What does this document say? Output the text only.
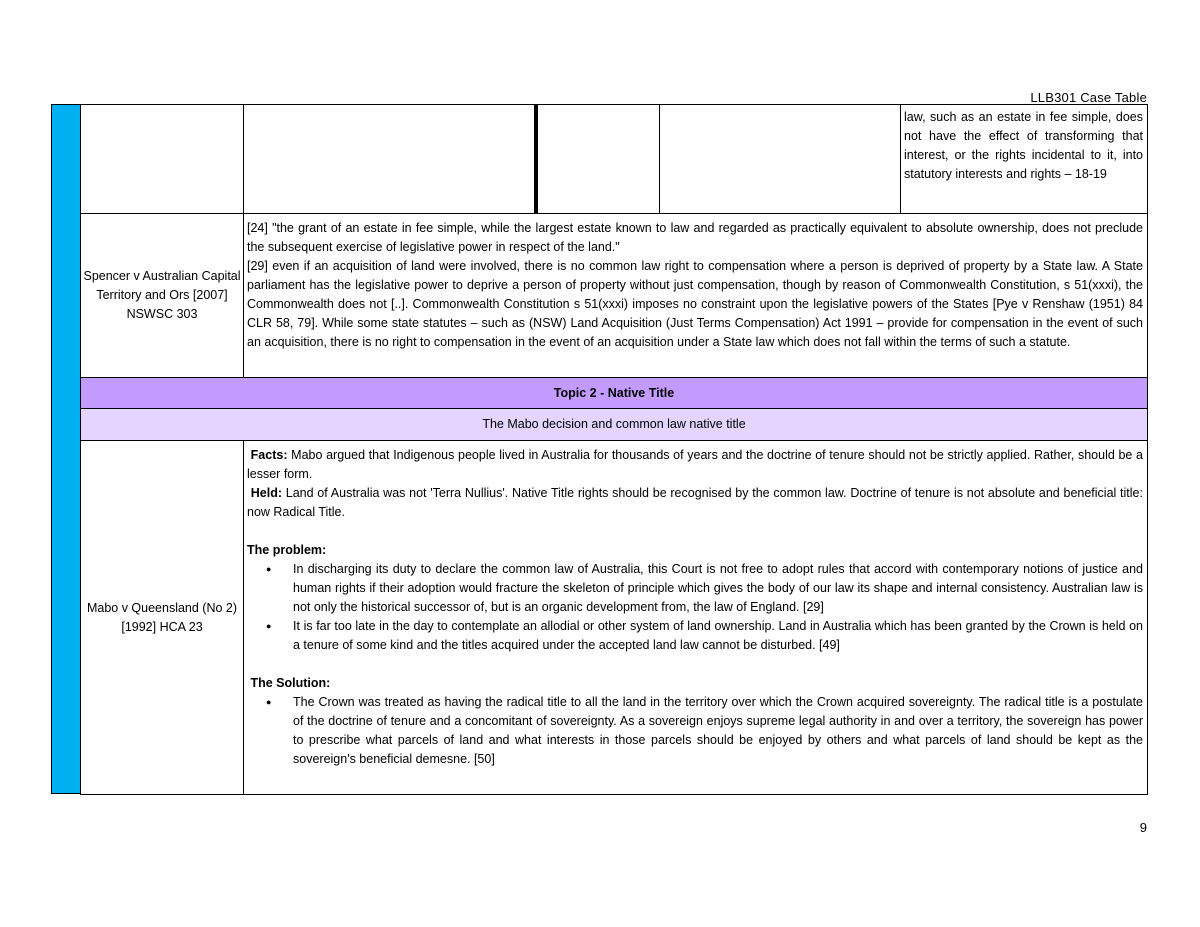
LLB301 Case Table
law, such as an estate in fee simple, does not have the effect of transforming that interest, or the rights incidental to it, into statutory interests and rights – 18-19
Spencer v Australian Capital Territory and Ors [2007] NSWSC 303

[24] "the grant of an estate in fee simple, while the largest estate known to law and regarded as practically equivalent to absolute ownership, does not preclude the subsequent exercise of legislative power in respect of the land."

[29] even if an acquisition of land were involved, there is no common law right to compensation where a person is deprived of property by a State law. A State parliament has the legislative power to deprive a person of property without just compensation, though by reason of Commonwealth Constitution, s 51(xxxi), the Commonwealth does not [..]. Commonwealth Constitution s 51(xxxi) imposes no constraint upon the legislative powers of the States [Pye v Renshaw (1951) 84 CLR 58, 79]. While some state statutes – such as (NSW) Land Acquisition (Just Terms Compensation) Act 1991 – provide for compensation in the event of such an acquisition, there is no right to compensation in the event of an acquisition under a State law which does not fall within the terms of such a statute.

Topic 2 - Native Title
The Mabo decision and common law native title
Mabo v Queensland (No 2) [1992] HCA 23

Facts: Mabo argued that Indigenous people lived in Australia for thousands of years and the doctrine of tenure should not be strictly applied. Rather, should be a lesser form.

Held: Land of Australia was not 'Terra Nullius'. Native Title rights should be recognised by the common law. Doctrine of tenure is not absolute and beneficial title: now Radical Title.

The problem:

● In discharging its duty to declare the common law of Australia, this Court is not free to adopt rules that accord with contemporary notions of justice and human rights if their adoption would fracture the skeleton of principle which gives the body of our law its shape and internal consistency. Australian law is not only the historical successor of, but is an organic development from, the law of England. [29]
● It is far too late in the day to contemplate an allodial or other system of land ownership. Land in Australia which has been granted by the Crown is held on a tenure of some kind and the titles acquired under the accepted land law cannot be disturbed. [49]

The Solution:

● The Crown was treated as having the radical title to all the land in the territory over which the Crown acquired sovereignty. The radical title is a postulate of the doctrine of tenure and a concomitant of sovereignty. As a sovereign enjoys supreme legal authority in and over a territory, the sovereign has power to prescribe what parcels of land and what interests in those parcels should be enjoyed by others and what parcels of land should be kept as the sovereign's beneficial demesne. [50]
9
